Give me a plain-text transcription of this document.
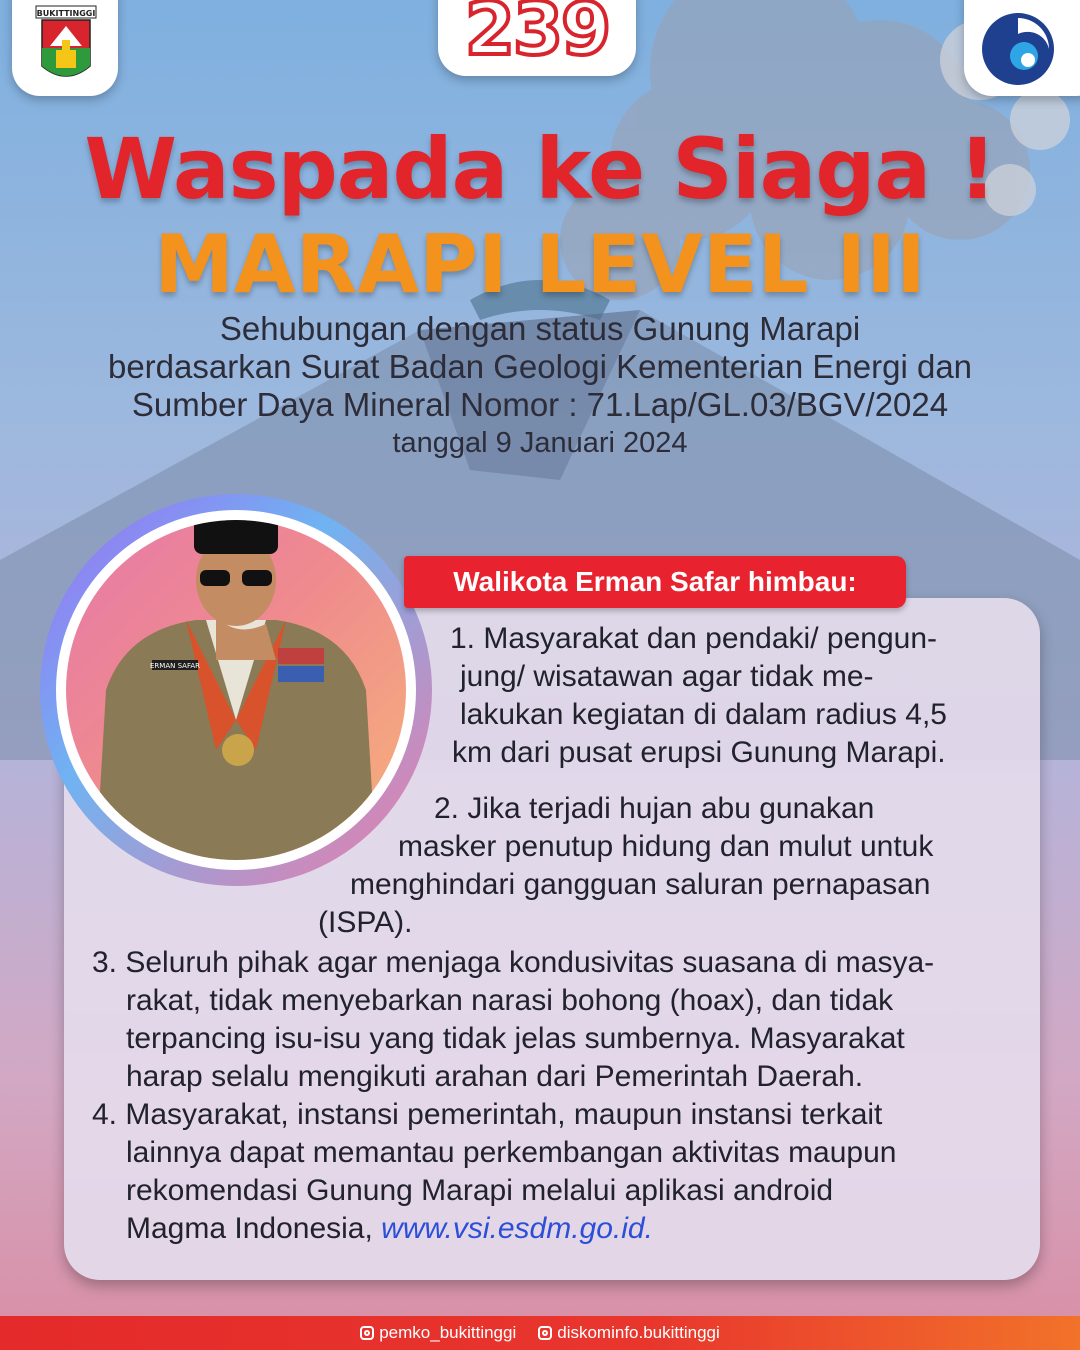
BUKITTINGGI	239
Waspada ke Siaga !
MARAPI LEVEL III
Sehubungan dengan status Gunung Marapi
berdasarkan Surat Badan Geologi Kementerian Energi dan
Sumber Daya Mineral Nomor : 71.Lap/GL.03/BGV/2024
tanggal 9 Januari 2024
ERMAN SAFAR
Walikota Erman Safar himbau:
1. Masyarakat dan pendaki/ pengun-
jung/ wisatawan agar tidak me-
lakukan kegiatan di dalam radius 4,5
km dari pusat erupsi Gunung Marapi.
2. Jika terjadi hujan abu gunakan
masker penutup hidung dan mulut untuk
menghindari gangguan saluran pernapasan
(ISPA).
3. Seluruh pihak agar menjaga kondusivitas suasana di masya-
rakat, tidak menyebarkan narasi bohong (hoax), dan tidak
terpancing isu-isu yang tidak jelas sumbernya. Masyarakat
harap selalu mengikuti arahan dari Pemerintah Daerah.
4. Masyarakat, instansi pemerintah, maupun instansi terkait
lainnya dapat memantau perkembangan aktivitas maupun
rekomendasi Gunung Marapi melalui aplikasi android
Magma Indonesia, www.vsi.esdm.go.id.
pemko_bukittinggi diskominfo.bukittinggi
